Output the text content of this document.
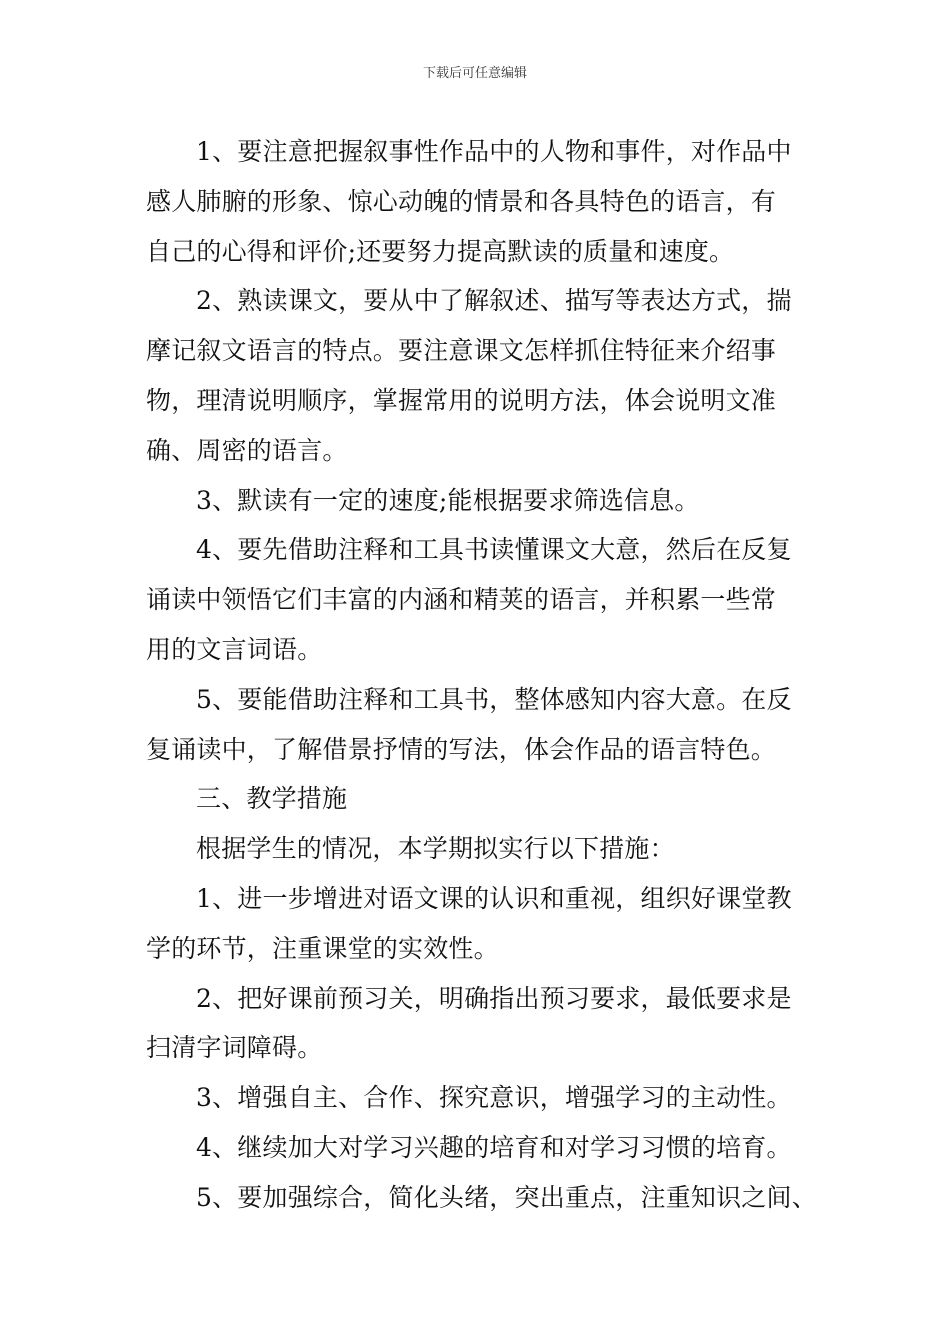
下载后可任意编辑
1、要注意把握叙事性作品中的人物和事件，对作品中
感人肺腑的形象、惊心动魄的情景和各具特色的语言，有
自己的心得和评价;还要努力提高默读的质量和速度。
2、熟读课文，要从中了解叙述、描写等表达方式，揣
摩记叙文语言的特点。要注意课文怎样抓住特征来介绍事
物，理清说明顺序，掌握常用的说明方法，体会说明文准
确、周密的语言。
3、默读有一定的速度;能根据要求筛选信息。
4、要先借助注释和工具书读懂课文大意，然后在反复
诵读中领悟它们丰富的内涵和精荚的语言，并积累一些常
用的文言词语。
5、要能借助注释和工具书，整体感知内容大意。在反
复诵读中，了解借景抒情的写法，体会作品的语言特色。
三、教学措施
根据学生的情况，本学期拟实行以下措施：
1、进一步增进对语文课的认识和重视，组织好课堂教
学的环节，注重课堂的实效性。
2、把好课前预习关，明确指出预习要求，最低要求是
扫清字词障碍。
3、增强自主、合作、探究意识，增强学习的主动性。
4、继续加大对学习兴趣的培育和对学习习惯的培育。
5、要加强综合，简化头绪，突出重点，注重知识之间、
